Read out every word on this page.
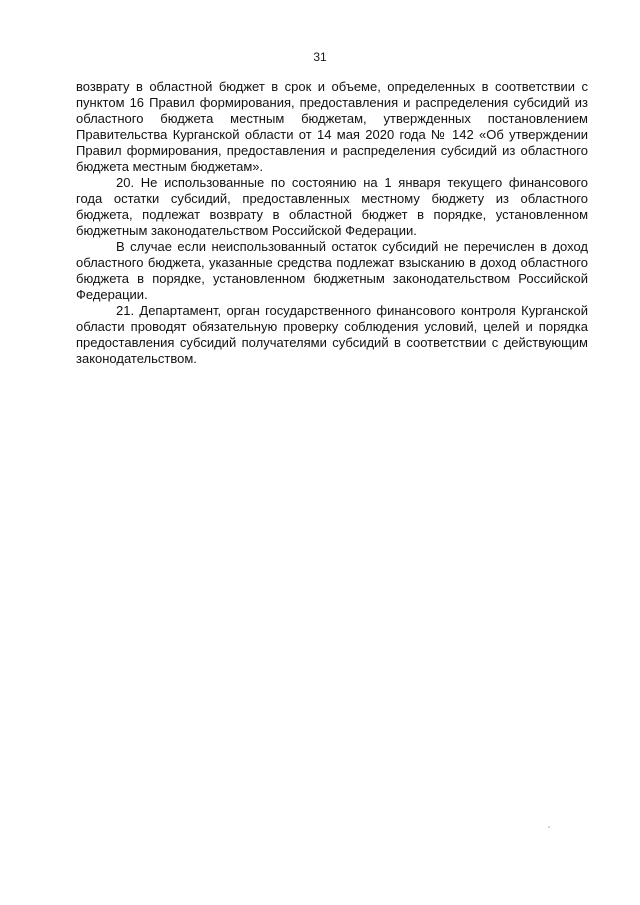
31

возврату в областной бюджет в срок и объеме, определенных в соответствии с пунктом 16 Правил формирования, предоставления и распределения субсидий из областного бюджета местным бюджетам, утвержденных постановлением Правительства Курганской области от 14 мая 2020 года № 142 «Об утверждении Правил формирования, предоставления и распределения субсидий из областного бюджета местным бюджетам».

20. Не использованные по состоянию на 1 января текущего финансового года остатки субсидий, предоставленных местному бюджету из областного бюджета, подлежат возврату в областной бюджет в порядке, установленном бюджетным законодательством Российской Федерации.

В случае если неиспользованный остаток субсидий не перечислен в доход областного бюджета, указанные средства подлежат взысканию в доход областного бюджета в порядке, установленном бюджетным законодательством Российской Федерации.

21. Департамент, орган государственного финансового контроля Курганской области проводят обязательную проверку соблюдения условий, целей и порядка предоставления субсидий получателями субсидий в соответствии с действующим законодательством.
